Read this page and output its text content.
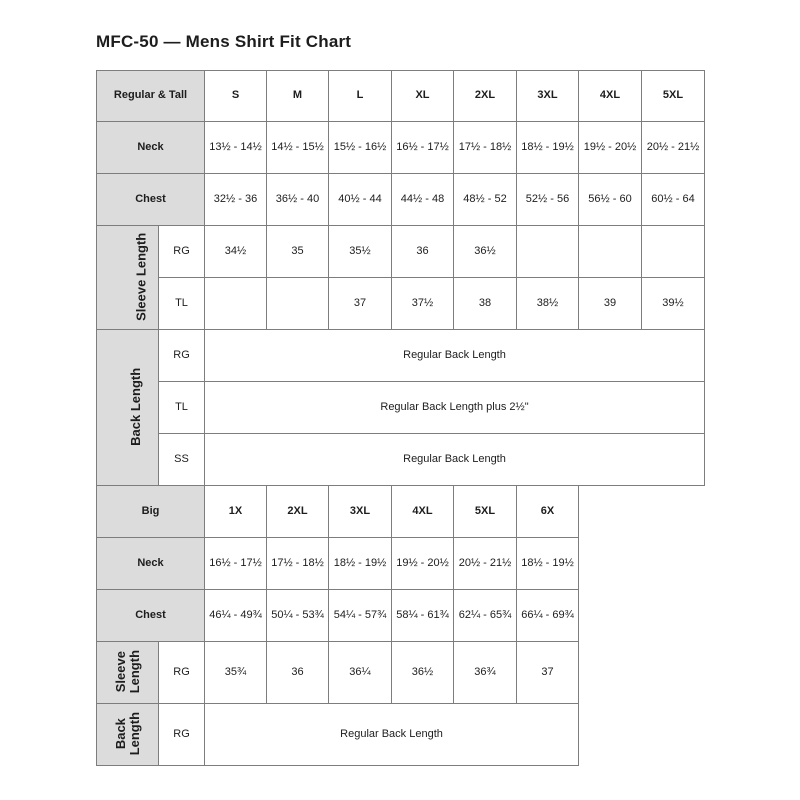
MFC-50 — Mens Shirt Fit Chart
Regular & Tall		S	M	L	XL	2XL	3XL	4XL	5XL
Neck		13½ - 14½	14½ - 15½	15½ - 16½	16½ - 17½	17½ - 18½	18½ - 19½	19½ - 20½	20½ - 21½
Chest		32½ - 36	36½ - 40	40½ - 44	44½ - 48	48½ - 52	52½ - 56	56½ - 60	60½ - 64
Sleeve Length	RG	34½	35	35½	36	36½			
	TL			37	37½	38	38½	39	39½
Back Length	RG	Regular Back Length							
	TL	Regular Back Length plus 2½"							
	SS	Regular Back Length							
Big		1X	2XL	3XL	4XL	5XL	6X
Neck		16½ - 17½	17½ - 18½	18½ - 19½	19½ - 20½	20½ - 21½	18½ - 19½
Chest		46¼ - 49¾	50¼ - 53¾	54¼ - 57¾	58¼ - 61¾	62¼ - 65¾	66¼ - 69¾
Sleeve
Length	RG	35¾	36	36¼	36½	36¾	37
Back
Length	RG	Regular Back Length					
